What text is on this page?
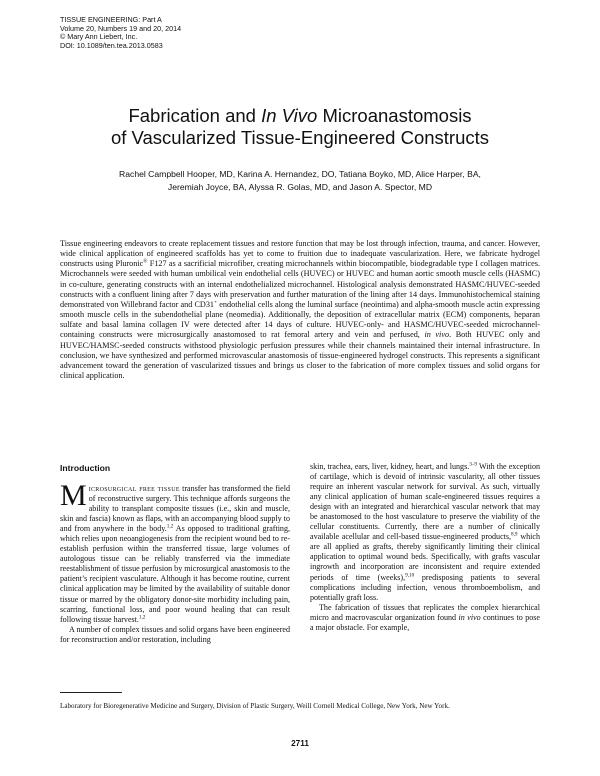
TISSUE ENGINEERING: Part A
Volume 20, Numbers 19 and 20, 2014
© Mary Ann Liebert, Inc.
DOI: 10.1089/ten.tea.2013.0583
Fabrication and In Vivo Microanastomosis
of Vascularized Tissue-Engineered Constructs
Rachel Campbell Hooper, MD, Karina A. Hernandez, DO, Tatiana Boyko, MD, Alice Harper, BA,
Jeremiah Joyce, BA, Alyssa R. Golas, MD, and Jason A. Spector, MD

Tissue engineering endeavors to create replacement tissues and restore function that may be lost through infection, trauma, and cancer. However, wide clinical application of engineered scaffolds has yet to come to fruition due to inadequate vascularization. Here, we fabricate hydrogel constructs using Pluronic® F127 as a sacrificial microfiber, creating microchannels within biocompatible, biodegradable type I collagen matrices. Microchannels were seeded with human umbilical vein endothelial cells (HUVEC) or HUVEC and human aortic smooth muscle cells (HASMC) in co-culture, generating constructs with an internal endothelialized microchannel. Histological analysis demonstrated HASMC/HUVEC-seeded constructs with a confluent lining after 7 days with preservation and further maturation of the lining after 14 days. Immunohistochemical staining demonstrated von Willebrand factor and CD31+ endothelial cells along the luminal surface (neointima) and alpha-smooth muscle actin expressing smooth muscle cells in the subendothelial plane (neomedia). Additionally, the deposition of extracellular matrix (ECM) components, heparan sulfate and basal lamina collagen IV were detected after 14 days of culture. HUVEC-only- and HASMC/HUVEC-seeded microchannel-containing constructs were microsurgically anastomosed to rat femoral artery and vein and perfused, in vivo. Both HUVEC only and HUVEC/HAMSC-seeded constructs withstood physiologic perfusion pressures while their channels maintained their internal infrastructure. In conclusion, we have synthesized and performed microvascular anastomosis of tissue-engineered hydrogel constructs. This represents a significant advancement toward the generation of vascularized tissues and brings us closer to the fabrication of more complex tissues and solid organs for clinical application.

Introduction

Microsurgical free tissue transfer has transformed the field of reconstructive surgery. This technique affords surgeons the ability to transplant composite tissues (i.e., skin and muscle, skin and fascia) known as flaps, with an accompanying blood supply to and from anywhere in the body.$^{1,2}$ As opposed to traditional grafting, which relies upon neoangiogenesis from the recipient wound bed to re-establish perfusion within the transferred tissue, large volumes of autologous tissue can be reliably transferred via the immediate reestablishment of tissue perfusion by microsurgical anastomosis to the patient’s recipient vasculature. Although it has become routine, current clinical application may be limited by the availability of suitable donor tissue or marred by the obligatory donor-site morbidity including pain, scarring, functional loss, and poor wound healing that can result following tissue harvest.$^{1,2}$

A number of complex tissues and solid organs have been engineered for reconstruction and/or restoration, including

skin, trachea, ears, liver, kidney, heart, and lungs.$^{3-9}$ With the exception of cartilage, which is devoid of intrinsic vascularity, all other tissues require an inherent vascular network for survival. As such, virtually any clinical application of human scale-engineered tissues requires a design with an integrated and hierarchical vascular network that may be anastomosed to the host vasculature to preserve the viability of the cellular constituents. Currently, there are a number of clinically available acellular and cell-based tissue-engineered products,$^{8,9}$ which are all applied as grafts, thereby significantly limiting their clinical application to optimal wound beds. Specifically, with grafts vascular ingrowth and incorporation are inconsistent and require extended periods of time (weeks),$^{9,10}$ predisposing patients to several complications including infection, venous thromboembolism, and potentially graft loss.

The fabrication of tissues that replicates the complex hierarchical micro and macrovascular organization found in vivo continues to pose a major obstacle. For example,

Laboratory for Bioregenerative Medicine and Surgery, Division of Plastic Surgery, Weill Cornell Medical College, New York, New York.

2711
